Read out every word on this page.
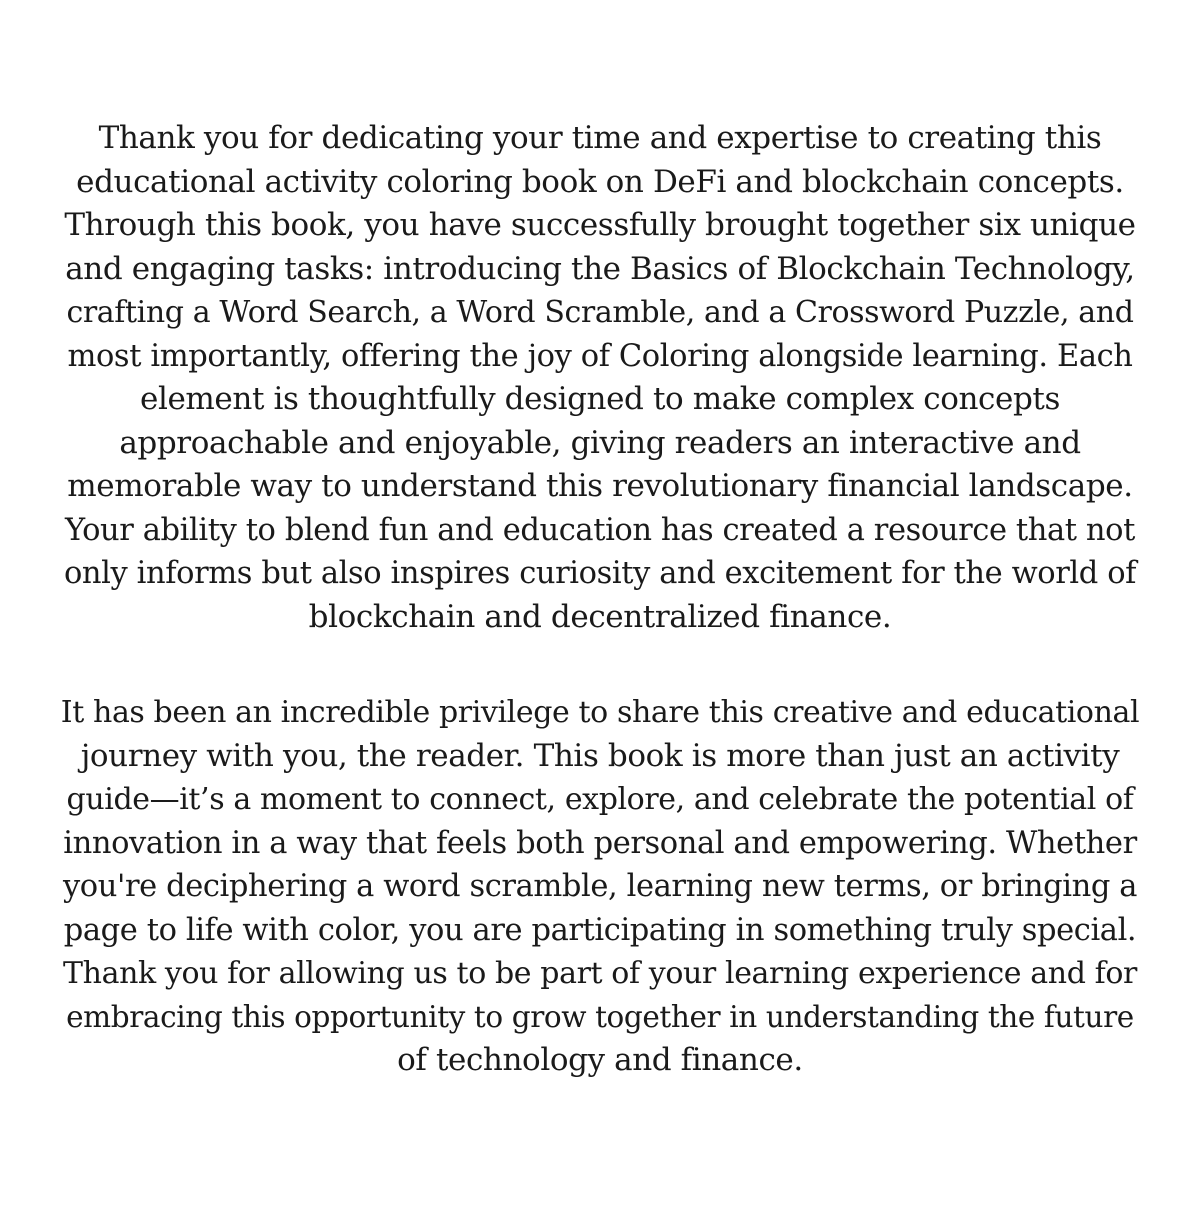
Thank you for dedicating your time and expertise to creating this
educational activity coloring book on DeFi and blockchain concepts.
Through this book, you have successfully brought together six unique
and engaging tasks: introducing the Basics of Blockchain Technology,
crafting a Word Search, a Word Scramble, and a Crossword Puzzle, and
most importantly, offering the joy of Coloring alongside learning. Each
element is thoughtfully designed to make complex concepts
approachable and enjoyable, giving readers an interactive and
memorable way to understand this revolutionary financial landscape.
Your ability to blend fun and education has created a resource that not
only informs but also inspires curiosity and excitement for the world of
blockchain and decentralized finance.
It has been an incredible privilege to share this creative and educational
journey with you, the reader. This book is more than just an activity
guide—it’s a moment to connect, explore, and celebrate the potential of
innovation in a way that feels both personal and empowering. Whether
you're deciphering a word scramble, learning new terms, or bringing a
page to life with color, you are participating in something truly special.
Thank you for allowing us to be part of your learning experience and for
embracing this opportunity to grow together in understanding the future
of technology and finance.
